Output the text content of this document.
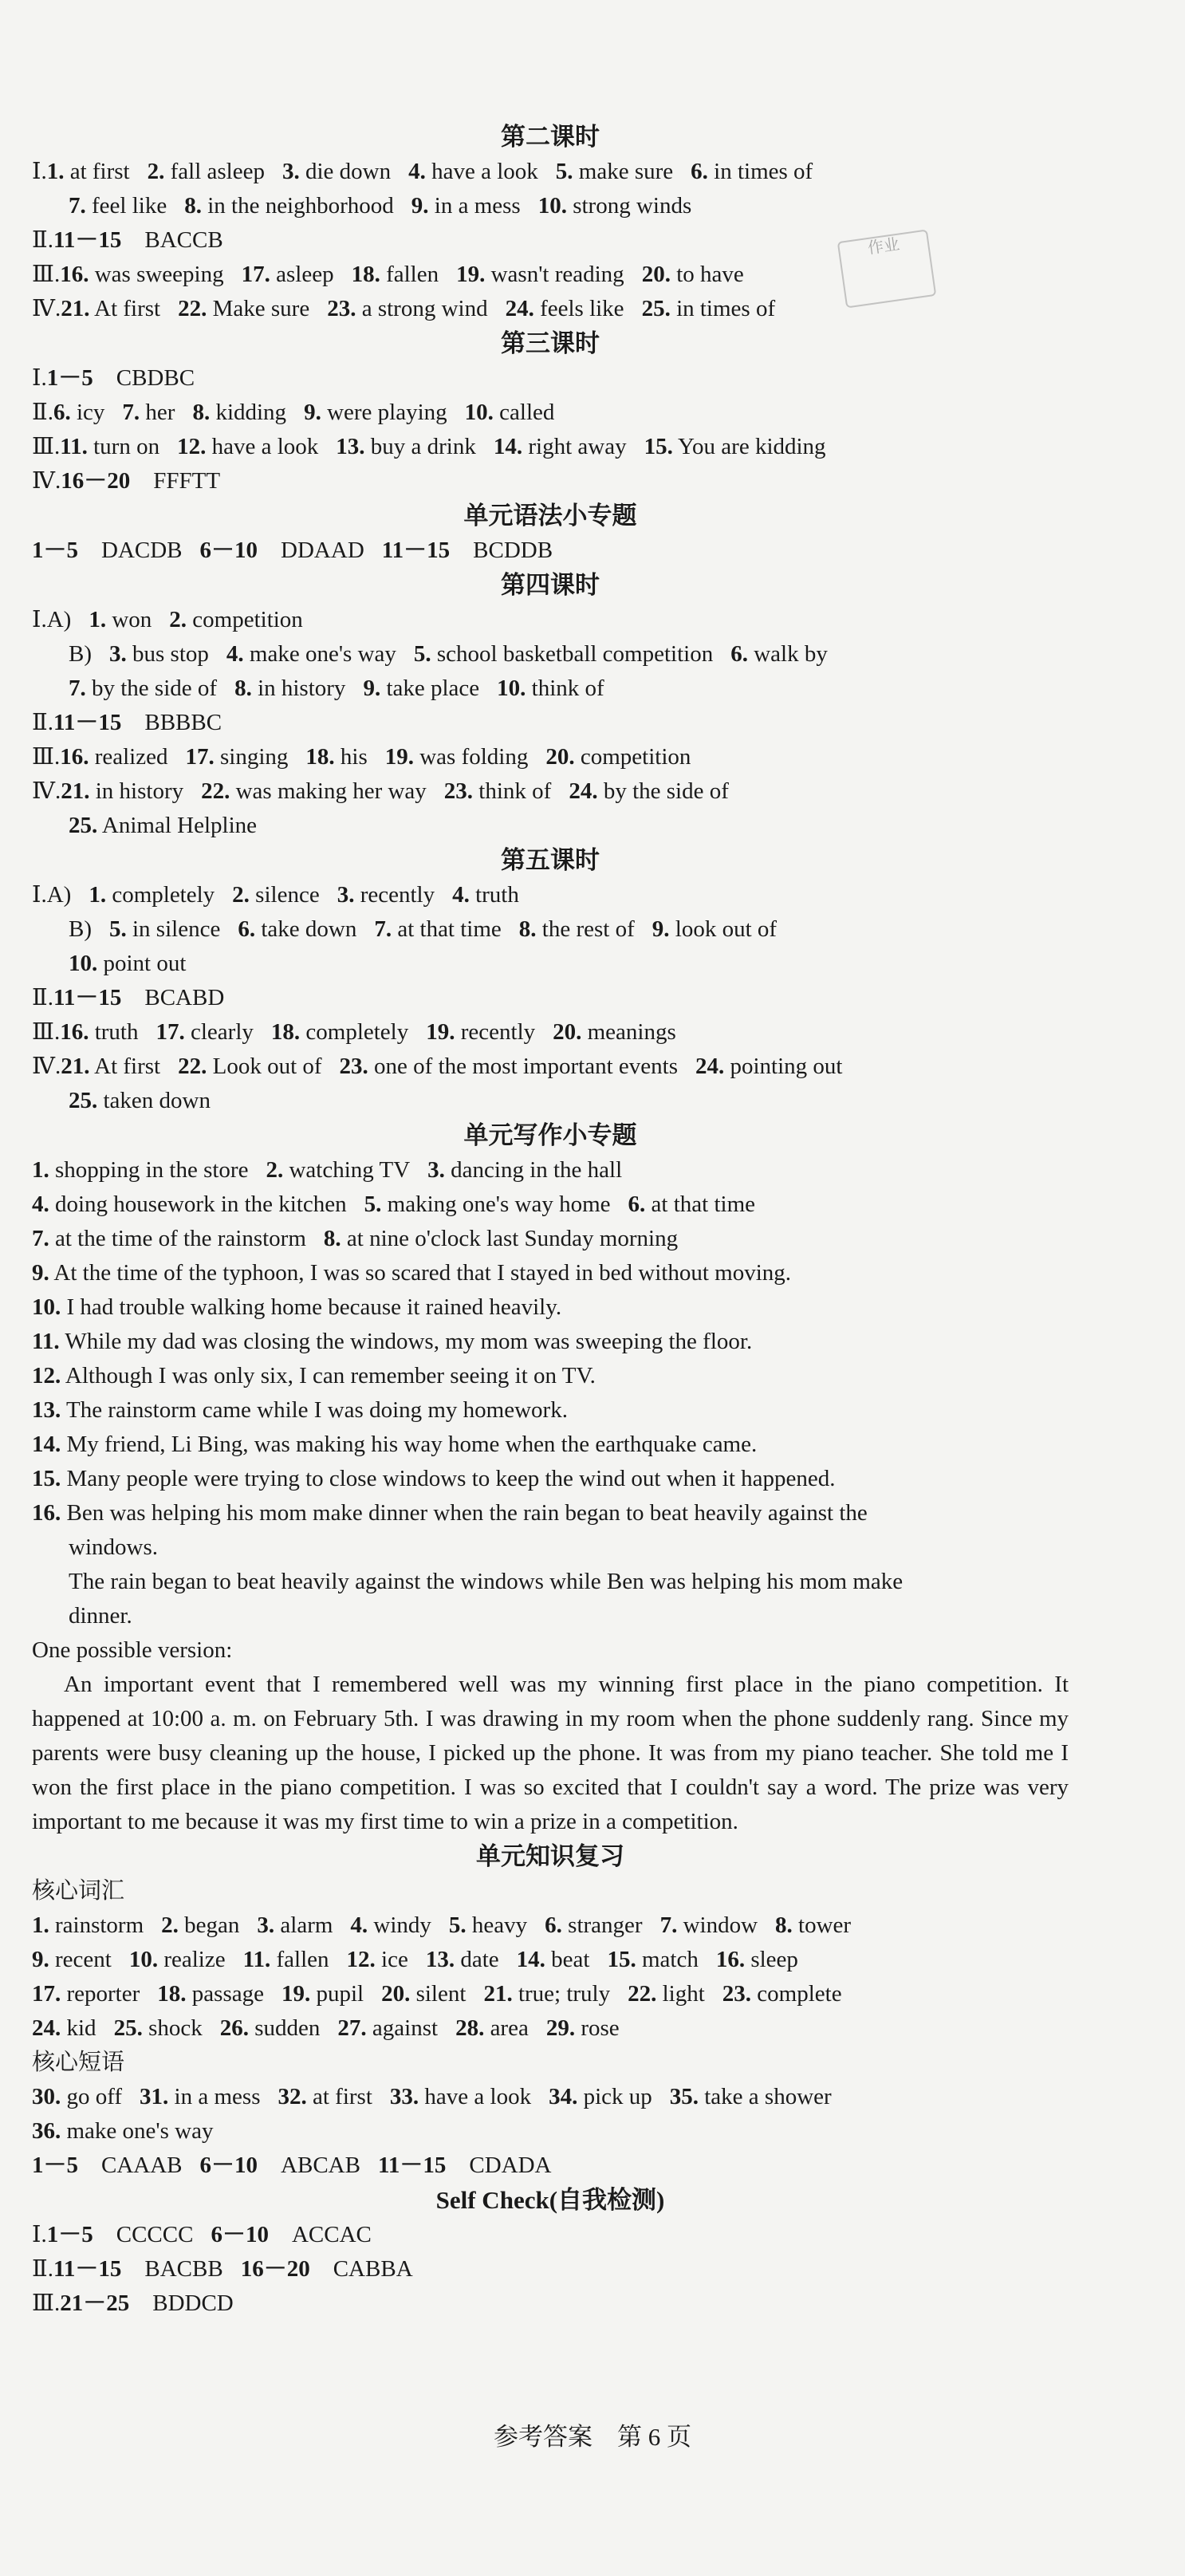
第二课时
Ⅰ.1. at first 2. fall asleep 3. die down 4. have a look 5. make sure 6. in times of
7. feel like 8. in the neighborhood 9. in a mess 10. strong winds
Ⅱ.11－15　BACCB
Ⅲ.16. was sweeping 17. asleep 18. fallen 19. wasn't reading 20. to have
Ⅳ.21. At first 22. Make sure 23. a strong wind 24. feels like 25. in times of
第三课时
Ⅰ.1－5　CBDBC
Ⅱ.6. icy 7. her 8. kidding 9. were playing 10. called
Ⅲ.11. turn on 12. have a look 13. buy a drink 14. right away 15. You are kidding
Ⅳ.16－20　FFFTT
单元语法小专题
1－5　DACDB 6－10　DDAAD 11－15　BCDDB
第四课时
Ⅰ.A) 1. won 2. competition
B) 3. bus stop 4. make one's way 5. school basketball competition 6. walk by
7. by the side of 8. in history 9. take place 10. think of
Ⅱ.11－15　BBBBC
Ⅲ.16. realized 17. singing 18. his 19. was folding 20. competition
Ⅳ.21. in history 22. was making her way 23. think of 24. by the side of
25. Animal Helpline
第五课时
Ⅰ.A) 1. completely 2. silence 3. recently 4. truth
B) 5. in silence 6. take down 7. at that time 8. the rest of 9. look out of
10. point out
Ⅱ.11－15　BCABD
Ⅲ.16. truth 17. clearly 18. completely 19. recently 20. meanings
Ⅳ.21. At first 22. Look out of 23. one of the most important events 24. pointing out
25. taken down
单元写作小专题
1. shopping in the store 2. watching TV 3. dancing in the hall
4. doing housework in the kitchen 5. making one's way home 6. at that time
7. at the time of the rainstorm 8. at nine o'clock last Sunday morning
9. At the time of the typhoon, I was so scared that I stayed in bed without moving.
10. I had trouble walking home because it rained heavily.
11. While my dad was closing the windows, my mom was sweeping the floor.
12. Although I was only six, I can remember seeing it on TV.
13. The rainstorm came while I was doing my homework.
14. My friend, Li Bing, was making his way home when the earthquake came.
15. Many people were trying to close windows to keep the wind out when it happened.
16. Ben was helping his mom make dinner when the rain began to beat heavily against the
windows.
The rain began to beat heavily against the windows while Ben was helping his mom make
dinner.
One possible version:
An important event that I remembered well was my winning first place in the piano competition. It happened at 10:00 a. m. on February 5th. I was drawing in my room when the phone suddenly rang. Since my parents were busy cleaning up the house, I picked up the phone. It was from my piano teacher. She told me I won the first place in the piano competition. I was so excited that I couldn't say a word. The prize was very important to me because it was my first time to win a prize in a competition.
单元知识复习
核心词汇
1. rainstorm 2. began 3. alarm 4. windy 5. heavy 6. stranger 7. window 8. tower
9. recent 10. realize 11. fallen 12. ice 13. date 14. beat 15. match 16. sleep
17. reporter 18. passage 19. pupil 20. silent 21. true; truly 22. light 23. complete
24. kid 25. shock 26. sudden 27. against 28. area 29. rose
核心短语
30. go off 31. in a mess 32. at first 33. have a look 34. pick up 35. take a shower
36. make one's way
1－5　CAAAB 6－10　ABCAB 11－15　CDADA
Self Check(自我检测)
Ⅰ.1－5　CCCCC 6－10　ACCAC
Ⅱ.11－15　BACBB 16－20　CABBA
Ⅲ.21－25　BDDCD
作业
参考答案　第 6 页
